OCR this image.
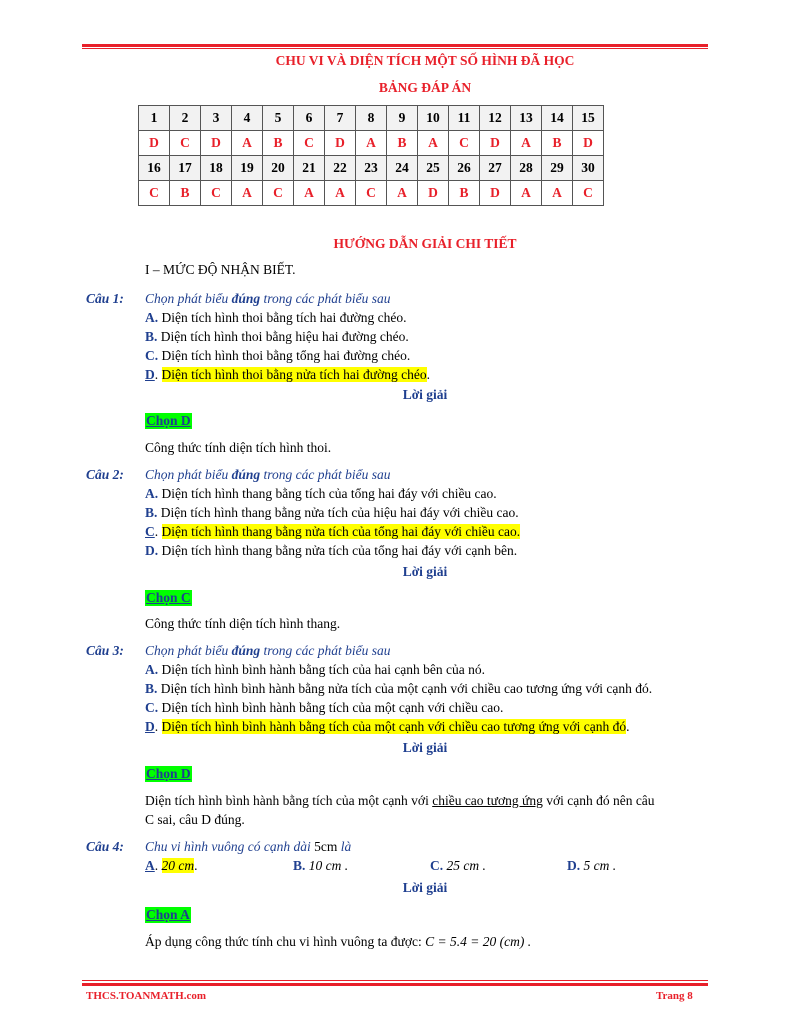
CHU VI VÀ DIỆN TÍCH MỘT SỐ HÌNH ĐÃ HỌC
BẢNG ĐÁP ÁN
1	2	3	4	5	6	7	8	9	10	11	12	13	14	15
D	C	D	A	B	C	D	A	B	A	C	D	A	B	D
16	17	18	19	20	21	22	23	24	25	26	27	28	29	30
C	B	C	A	C	A	A	C	A	D	B	D	A	A	C
HƯỚNG DẪN GIẢI CHI TIẾT
I – MỨC ĐỘ NHẬN BIẾT.
Câu 1: Chọn phát biểu đúng trong các phát biểu sau
A. Diện tích hình thoi bằng tích hai đường chéo.
B. Diện tích hình thoi bằng hiệu hai đường chéo.
C. Diện tích hình thoi bằng tổng hai đường chéo.
D. Diện tích hình thoi bằng nửa tích hai đường chéo.
Lời giải
Chọn D
Công thức tính diện tích hình thoi.
Câu 2: Chọn phát biểu đúng trong các phát biểu sau
A. Diện tích hình thang bằng tích của tổng hai đáy với chiều cao.
B. Diện tích hình thang bằng nửa tích của hiệu hai đáy với chiều cao.
C. Diện tích hình thang bằng nửa tích của tổng hai đáy với chiều cao.
D. Diện tích hình thang bằng nửa tích của tổng hai đáy với cạnh bên.
Lời giải
Chọn C
Công thức tính diện tích hình thang.
Câu 3: Chọn phát biểu đúng trong các phát biểu sau
A. Diện tích hình bình hành bằng tích của hai cạnh bên của nó.
B. Diện tích hình bình hành bằng nửa tích của một cạnh với chiều cao tương ứng với cạnh đó.
C. Diện tích hình bình hành bằng tích của một cạnh với chiều cao.
D. Diện tích hình bình hành bằng tích của một cạnh với chiều cao tương ứng với cạnh đó.
Lời giải
Chọn D
Diện tích hình bình hành bằng tích của một cạnh với chiều cao tương ứng với cạnh đó nên câu
C sai, câu D đúng.
Câu 4: Chu vi hình vuông có cạnh dài 5cm là
A. 20 cm.	B. 10 cm .	C. 25 cm .	D. 5 cm .
Lời giải
Chọn A
Áp dụng công thức tính chu vi hình vuông ta được: C = 5.4 = 20 (cm) .
THCS.TOANMATH.com	Trang 8
